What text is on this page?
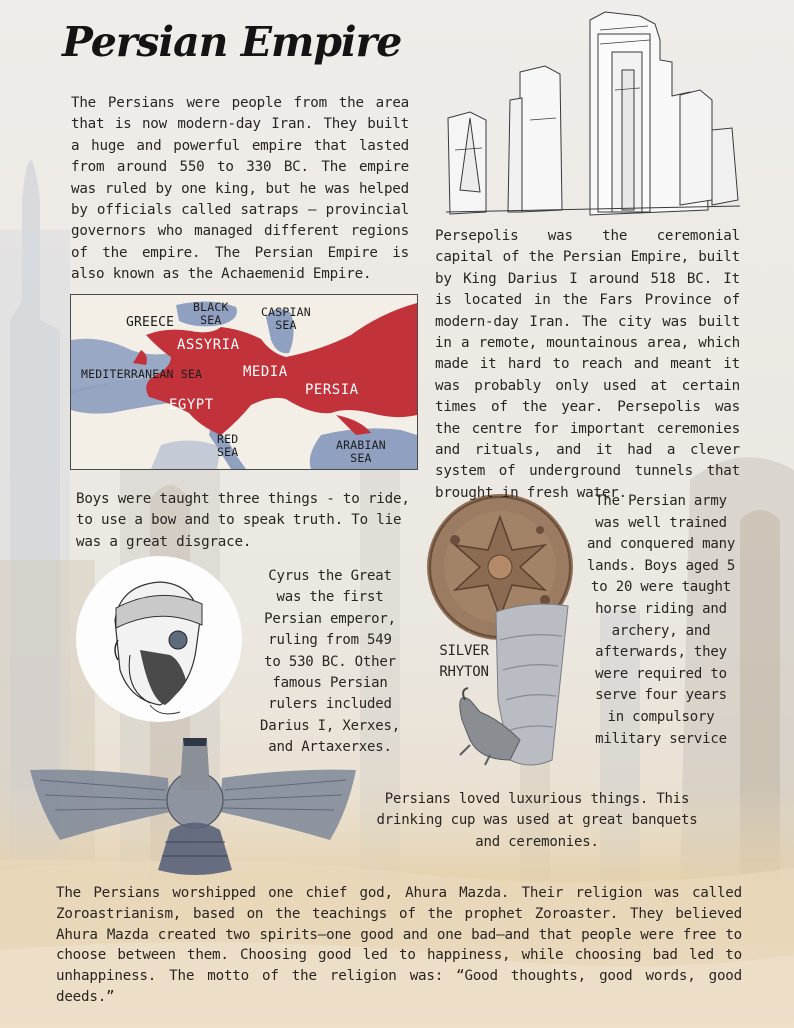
Persian Empire

The Persians were people from the area that is now modern-day Iran. They built a huge and powerful empire that lasted from around 550 to 330 BC. The empire was ruled by one king, but he was helped by officials called satraps — provincial governors who managed different regions of the empire. The Persian Empire is also known as the Achaemenid Empire.

Persepolis was the ceremonial capital of the Persian Empire, built by King Darius I around 518 BC. It is located in the Fars Province of modern-day Iran. The city was built in a remote, mountainous area, which made it hard to reach and meant it was probably only used at certain times of the year. Persepolis was the centre for important ceremonies and rituals, and it had a clever system of underground tunnels that brought in fresh water.

BLACK
SEA
CASPIAN
SEA
GREECE
ASSYRIA
MEDITERRANEAN SEA	MEDIA
PERSIA
EGYPT
RED
SEA	ARABIAN
SEA

Boys were taught three things - to ride, to use a bow and to speak truth. To lie was a great disgrace.

The Persian army was well trained and conquered many lands. Boys aged 5 to 20 were taught horse riding and archery, and afterwards, they were required to serve four years in compulsory military service

Cyrus the Great was the first Persian emperor, ruling from 549 to 530 BC. Other famous Persian rulers included Darius I, Xerxes, and Artaxerxes.

SILVER
RHYTON

Persians loved luxurious things. This drinking cup was used at great banquets and ceremonies.

The Persians worshipped one chief god, Ahura Mazda. Their religion was called Zoroastrianism, based on the teachings of the prophet Zoroaster. They believed Ahura Mazda created two spirits—one good and one bad—and that people were free to choose between them. Choosing good led to happiness, while choosing bad led to unhappiness. The motto of the religion was: “Good thoughts, good words, good deeds.”
